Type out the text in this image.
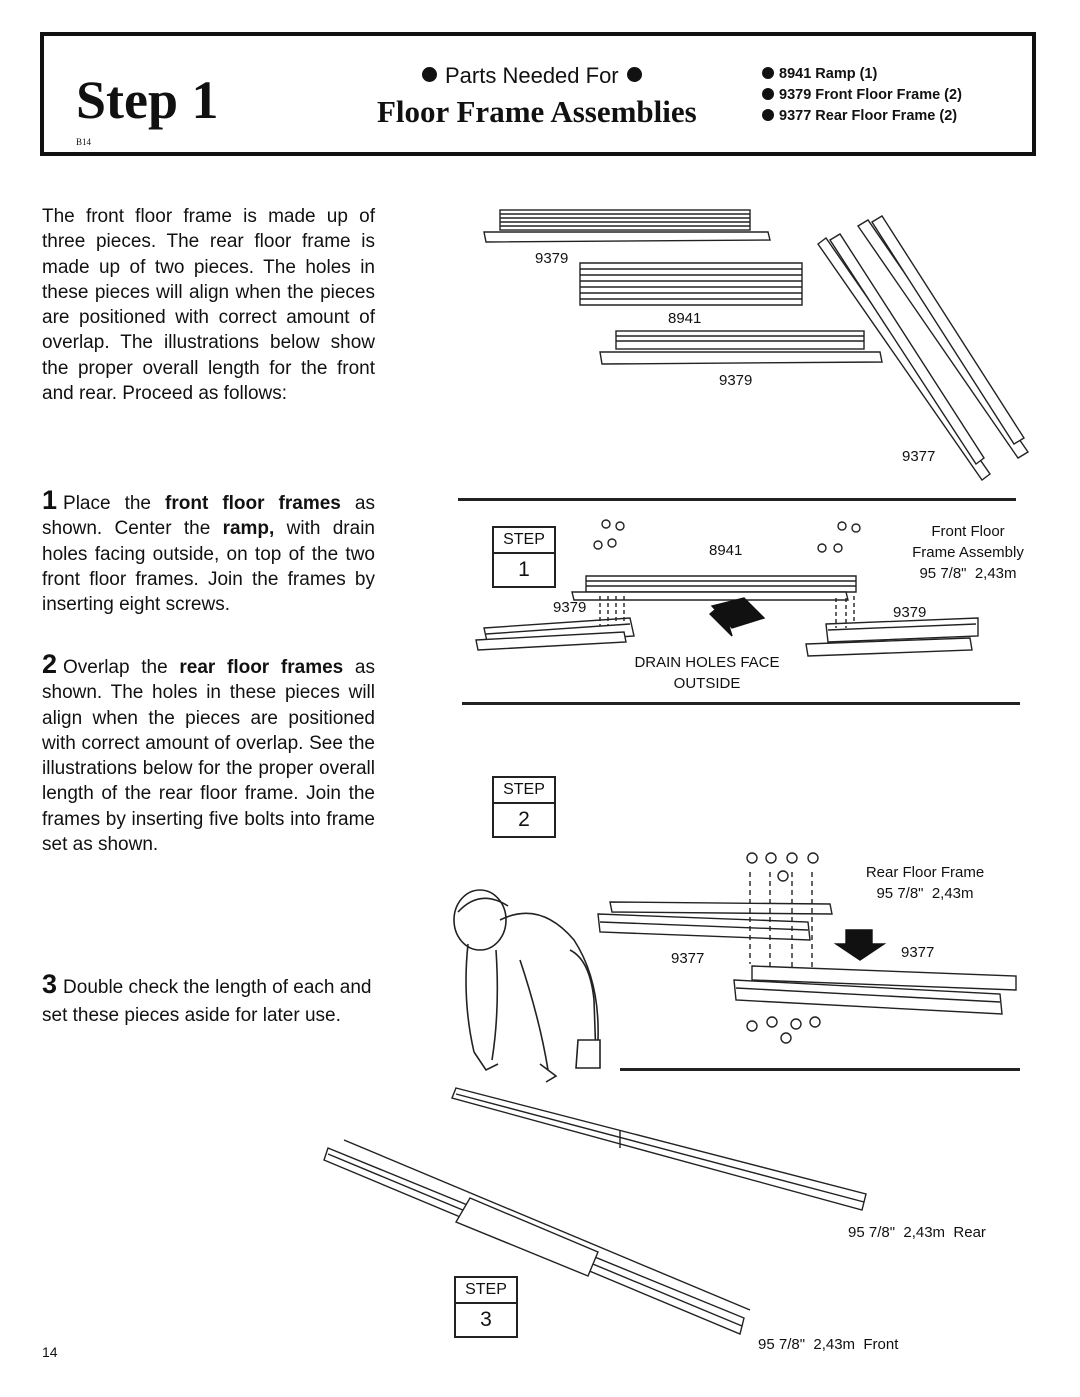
Step 1
B14
Parts Needed For
Floor Frame Assemblies
8941 Ramp (1)
9379 Front Floor Frame (2)
9377 Rear Floor Frame (2)
The front floor frame is made up of three pieces. The rear floor frame is made up of two pieces. The holes in these pieces will align when the pieces are positioned with correct amount of overlap. The illustrations below show the proper overall length for the front and rear. Proceed as follows:
1 Place the front floor frames as shown. Center the ramp, with drain holes facing outside, on top of the two front floor frames. Join the frames by inserting eight screws.
2 Overlap the rear floor frames as shown. The holes in these pieces will align when the pieces are positioned with correct amount of overlap. See the illustrations below for the proper overall length of the rear floor frame. Join the frames by inserting five bolts into frame set as shown.
3 Double check the length of each and set these pieces aside for later use.
9379
8941
9379
9377
STEP
1
STEP
2
STEP
3
8941
9379	9379
Front Floor
Frame Assembly
95 7/8"  2,43m
DRAIN HOLES FACE
OUTSIDE
Rear Floor Frame
95 7/8"  2,43m
9377	9377
95 7/8"  2,43m  Rear
95 7/8"  2,43m  Front
14
